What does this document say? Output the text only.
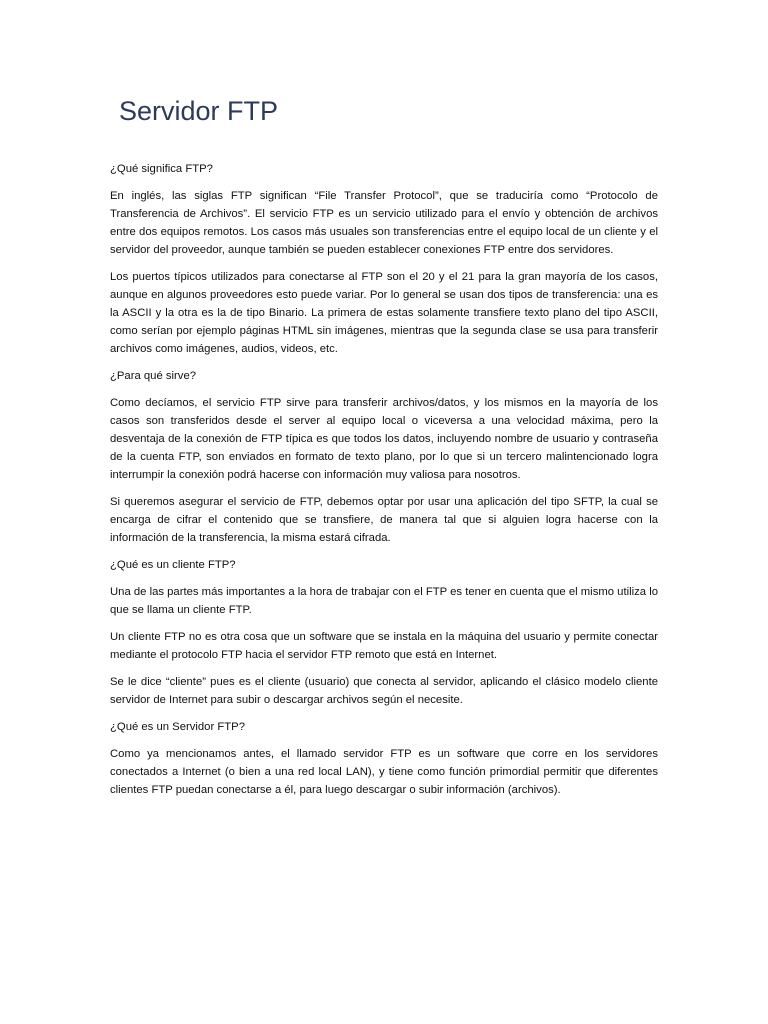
Servidor FTP

¿Qué significa FTP?

En inglés, las siglas FTP significan “File Transfer Protocol”, que se traduciría como “Protocolo de Transferencia de Archivos”. El servicio FTP es un servicio utilizado para el envío y obtención de archivos entre dos equipos remotos. Los casos más usuales son transferencias entre el equipo local de un cliente y el servidor del proveedor, aunque también se pueden establecer conexiones FTP entre dos servidores.

Los puertos típicos utilizados para conectarse al FTP son el 20 y el 21 para la gran mayoría de los casos, aunque en algunos proveedores esto puede variar. Por lo general se usan dos tipos de transferencia: una es la ASCII y la otra es la de tipo Binario. La primera de estas solamente transfiere texto plano del tipo ASCII, como serían por ejemplo páginas HTML sin imágenes, mientras que la segunda clase se usa para transferir archivos como imágenes, audios, videos, etc.

¿Para qué sirve?

Como decíamos, el servicio FTP sirve para transferir archivos/datos, y los mismos en la mayoría de los casos son transferidos desde el server al equipo local o viceversa a una velocidad máxima, pero la desventaja de la conexión de FTP típica es que todos los datos, incluyendo nombre de usuario y contraseña de la cuenta FTP, son enviados en formato de texto plano, por lo que si un tercero malintencionado logra interrumpir la conexión podrá hacerse con información muy valiosa para nosotros.

Si queremos asegurar el servicio de FTP, debemos optar por usar una aplicación del tipo SFTP, la cual se encarga de cifrar el contenido que se transfiere, de manera tal que si alguien logra hacerse con la información de la transferencia, la misma estará cifrada.

¿Qué es un cliente FTP?

Una de las partes más importantes a la hora de trabajar con el FTP es tener en cuenta que el mismo utiliza lo que se llama un cliente FTP.

Un cliente FTP no es otra cosa que un software que se instala en la máquina del usuario y permite conectar mediante el protocolo FTP hacia el servidor FTP remoto que está en Internet.

Se le dice “cliente” pues es el cliente (usuario) que conecta al servidor, aplicando el clásico modelo cliente servidor de Internet para subir o descargar archivos según el necesite.

¿Qué es un Servidor FTP?

Como ya mencionamos antes, el llamado servidor FTP es un software que corre en los servidores conectados a Internet (o bien a una red local LAN), y tiene como función primordial permitir que diferentes clientes FTP puedan conectarse a él, para luego descargar o subir información (archivos).
